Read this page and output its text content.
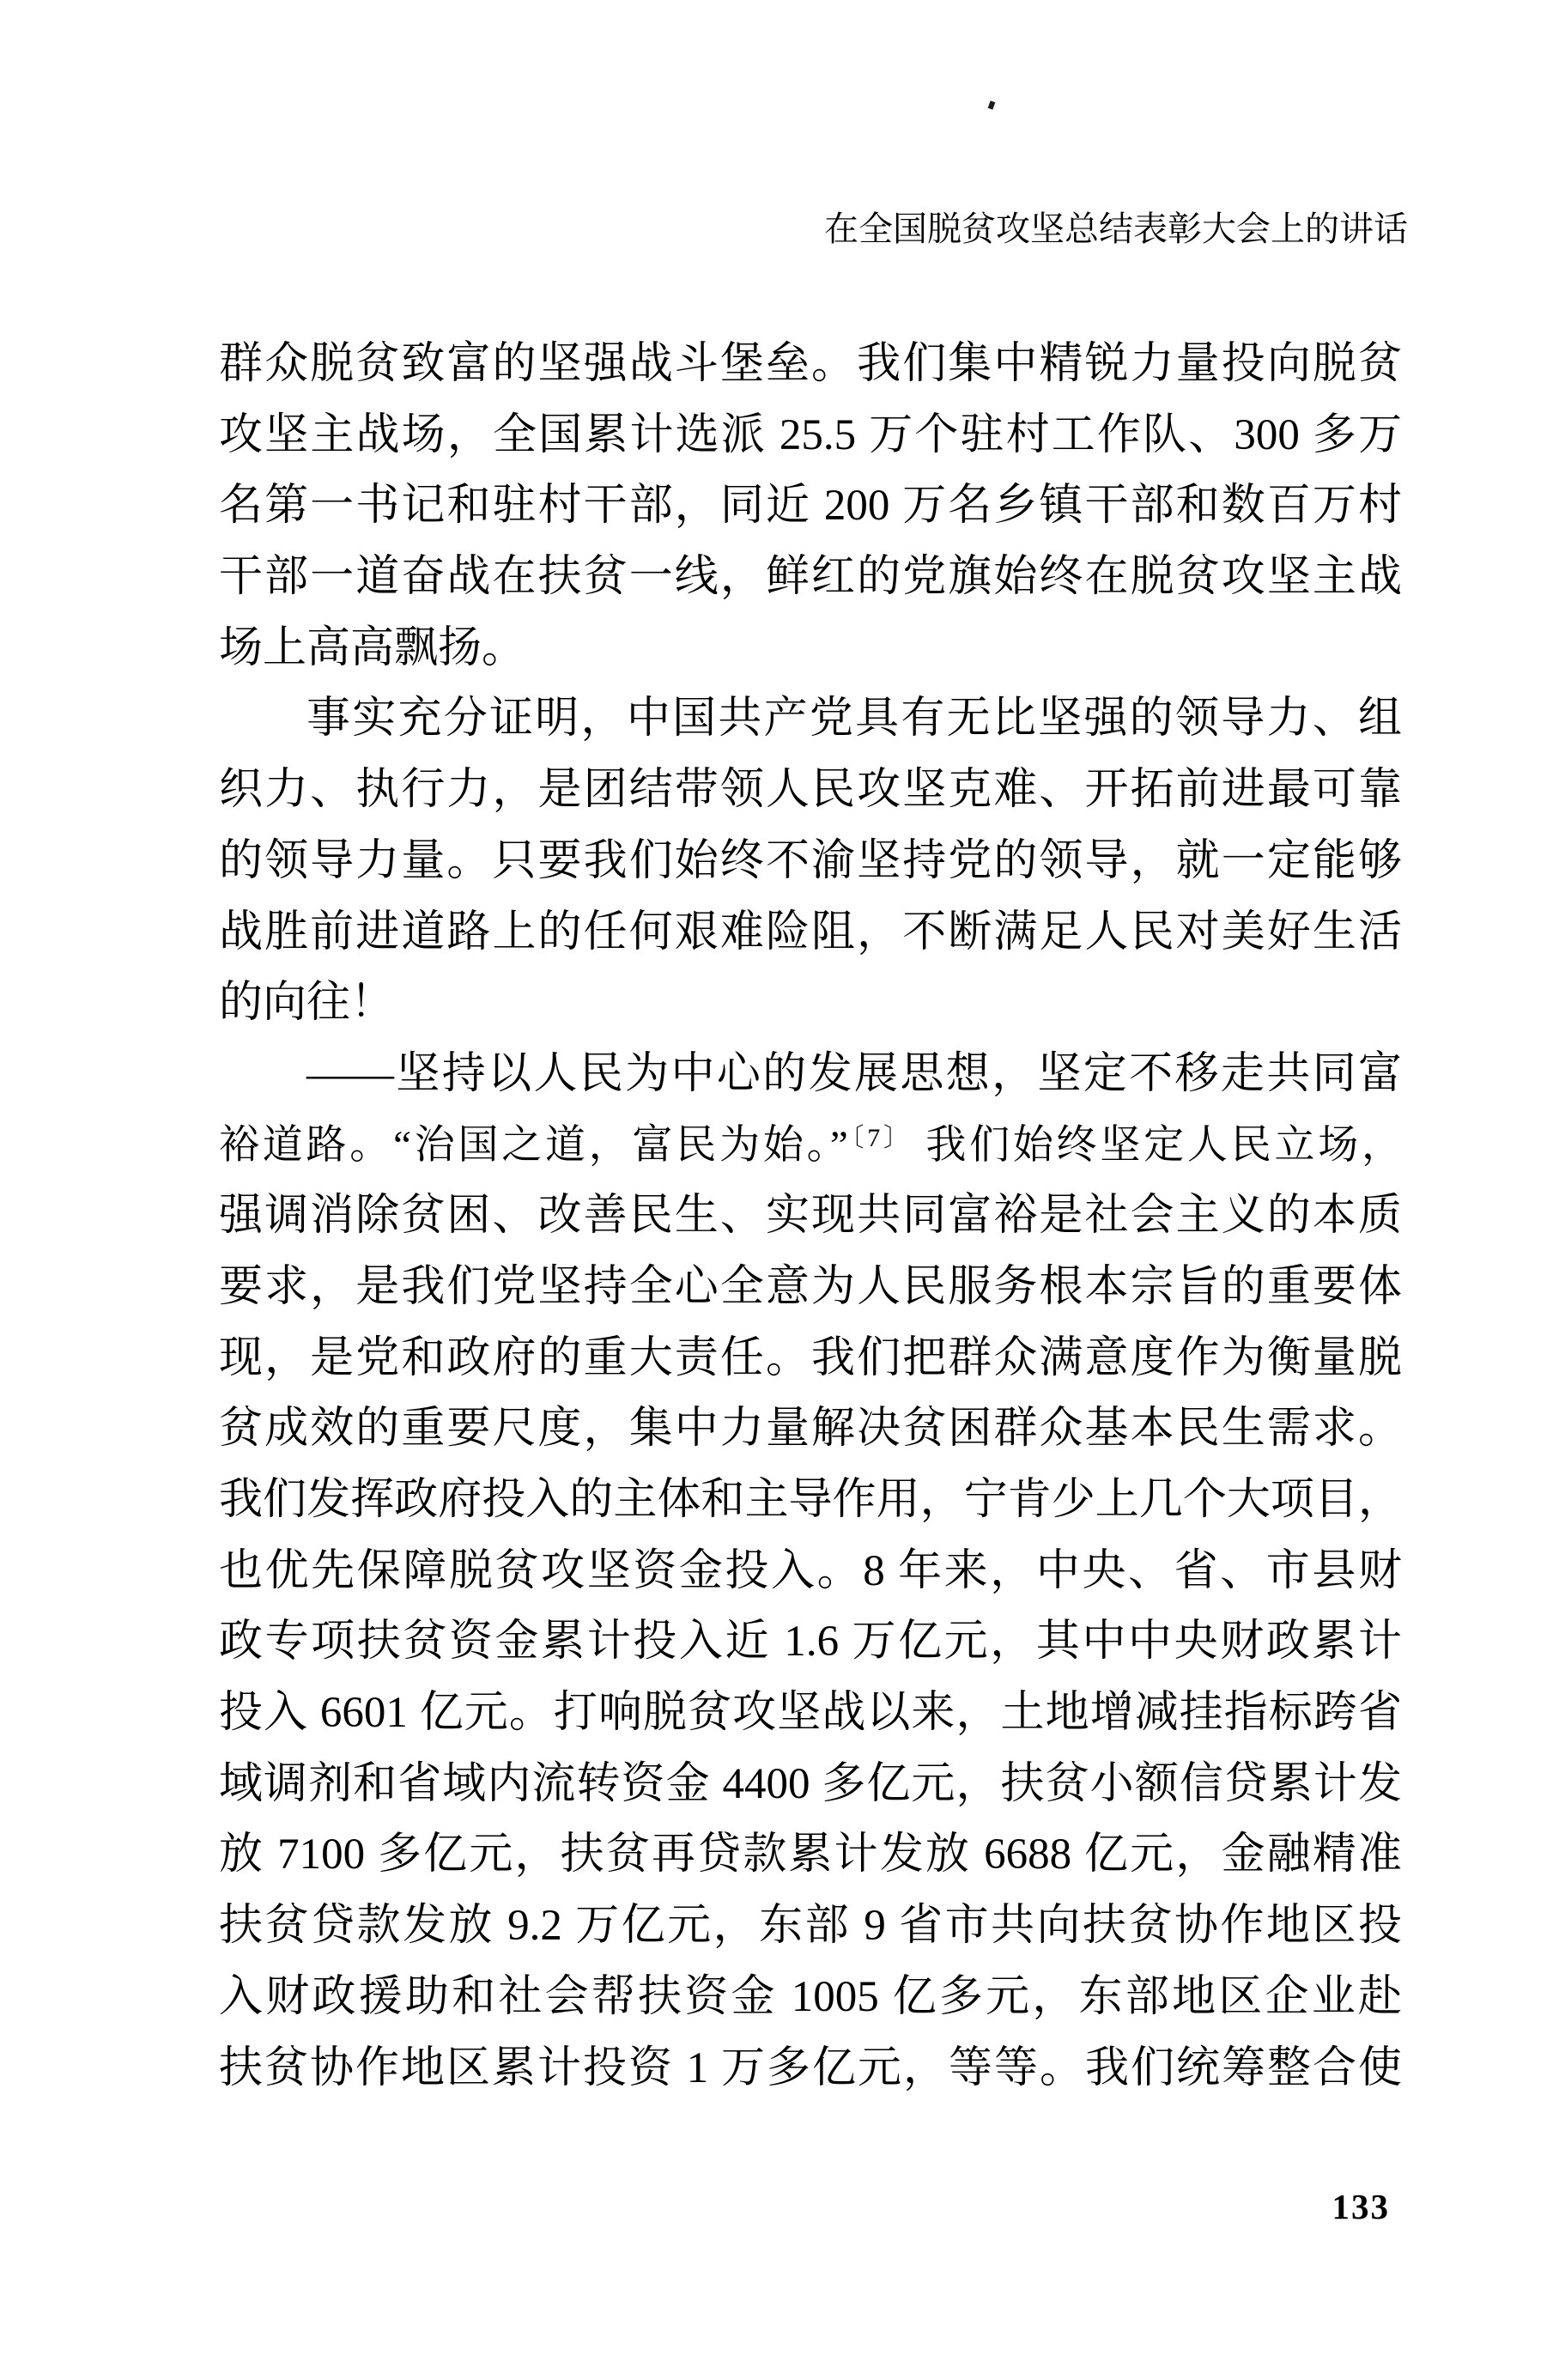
在全国脱贫攻坚总结表彰大会上的讲话
群众脱贫致富的坚强战斗堡垒。我们集中精锐力量投向脱贫
攻坚主战场，全国累计选派 25.5 万个驻村工作队、300 多万
名第一书记和驻村干部，同近 200 万名乡镇干部和数百万村
干部一道奋战在扶贫一线，鲜红的党旗始终在脱贫攻坚主战
场上高高飘扬。
事实充分证明，中国共产党具有无比坚强的领导力、组
织力、执行力，是团结带领人民攻坚克难、开拓前进最可靠
的领导力量。只要我们始终不渝坚持党的领导，就一定能够
战胜前进道路上的任何艰难险阻，不断满足人民对美好生活
的向往！
——坚持以人民为中心的发展思想，坚定不移走共同富
裕道路。“治国之道，富民为始。”$^{〔7〕}$ 我们始终坚定人民立场，
强调消除贫困、改善民生、实现共同富裕是社会主义的本质
要求，是我们党坚持全心全意为人民服务根本宗旨的重要体
现，是党和政府的重大责任。我们把群众满意度作为衡量脱
贫成效的重要尺度，集中力量解决贫困群众基本民生需求。
我们发挥政府投入的主体和主导作用，宁肯少上几个大项目，
也优先保障脱贫攻坚资金投入。8 年来，中央、省、市县财
政专项扶贫资金累计投入近 1.6 万亿元，其中中央财政累计
投入 6601 亿元。打响脱贫攻坚战以来，土地增减挂指标跨省
域调剂和省域内流转资金 4400 多亿元，扶贫小额信贷累计发
放 7100 多亿元，扶贫再贷款累计发放 6688 亿元，金融精准
扶贫贷款发放 9.2 万亿元，东部 9 省市共向扶贫协作地区投
入财政援助和社会帮扶资金 1005 亿多元，东部地区企业赴
扶贫协作地区累计投资 1 万多亿元，等等。我们统筹整合使
133
